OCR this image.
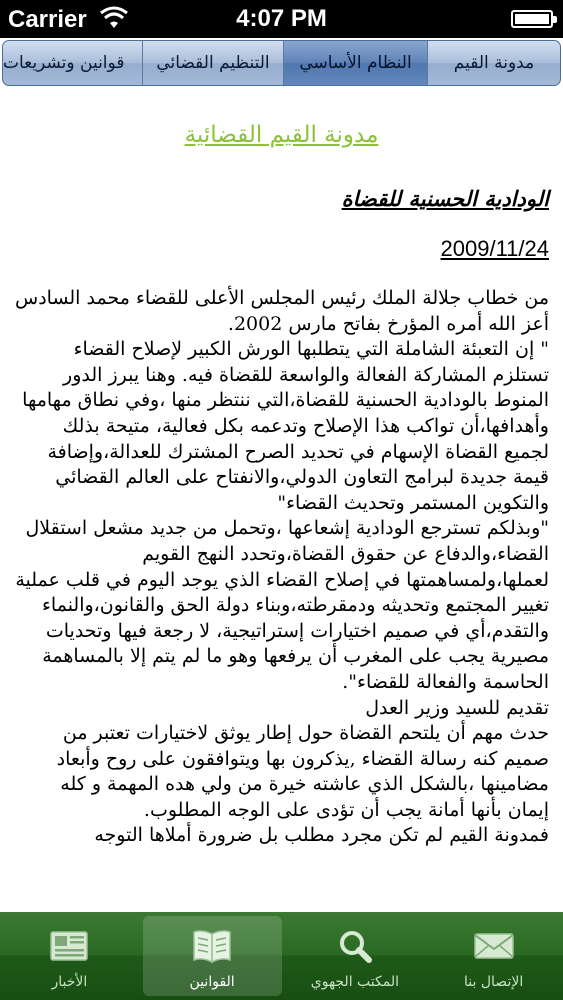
Carrier	4:07 PM
مدونة القيم
النظام الأساسي
التنظيم القضائي
قوانين وتشريعات
مدونة القيم القضائية
الودادية الحسنية للقضاة
2009/11/24

من خطاب جلالة الملك رئيس المجلس الأعلى للقضاء محمد السادس أعز الله أمره المؤرخ بفاتح مارس 2002.

" إن التعبئة الشاملة التي يتطلبها الورش الكبير لإصلاح القضاء تستلزم المشاركة الفعالة والواسعة للقضاة فيه. وهنا يبرز الدور المنوط بالودادية الحسنية للقضاة،التي ننتظر منها ،وفي نطاق مهامها وأهدافها،أن تواكب هذا الإصلاح وتدعمه بكل فعالية، متيحة بذلك لجميع القضاة الإسهام في تحديد الصرح المشترك للعدالة،وإضافة قيمة جديدة لبرامج التعاون الدولي،والانفتاح على العالم القضائي والتكوين المستمر وتحديث القضاء"

"وبذلكم تسترجع الودادية إشعاعها ،وتحمل من جديد مشعل استقلال القضاء،والدفاع عن حقوق القضاة،وتحدد النهج القويم لعملها،ولمساهمتها في إصلاح القضاء الذي يوجد اليوم في قلب عملية تغيير المجتمع وتحديثه ودمقرطته،وبناء دولة الحق والقانون،والنماء والتقدم،أي في صميم اختيارات إستراتيجية، لا رجعة فيها وتحديات مصيرية يجب على المغرب أن يرفعها وهو ما لم يتم إلا بالمساهمة الحاسمة والفعالة للقضاء".

تقديم للسيد وزير العدل

حدث مهم أن يلتحم القضاة حول إطار يوثق لاختيارات تعتبر من صميم كنه رسالة القضاء ,يذكرون بها ويتوافقون على روح وأبعاد مضامينها ،بالشكل الذي عاشته خيرة من ولي هده المهمة و كله إيمان بأنها أمانة يجب أن تؤدى على الوجه المطلوب.

فمدونة القيم لم تكن مجرد مطلب بل ضرورة أملاها التوجه

الأخبار	القوانين	المكتب الجهوي	الإتصال بنا
